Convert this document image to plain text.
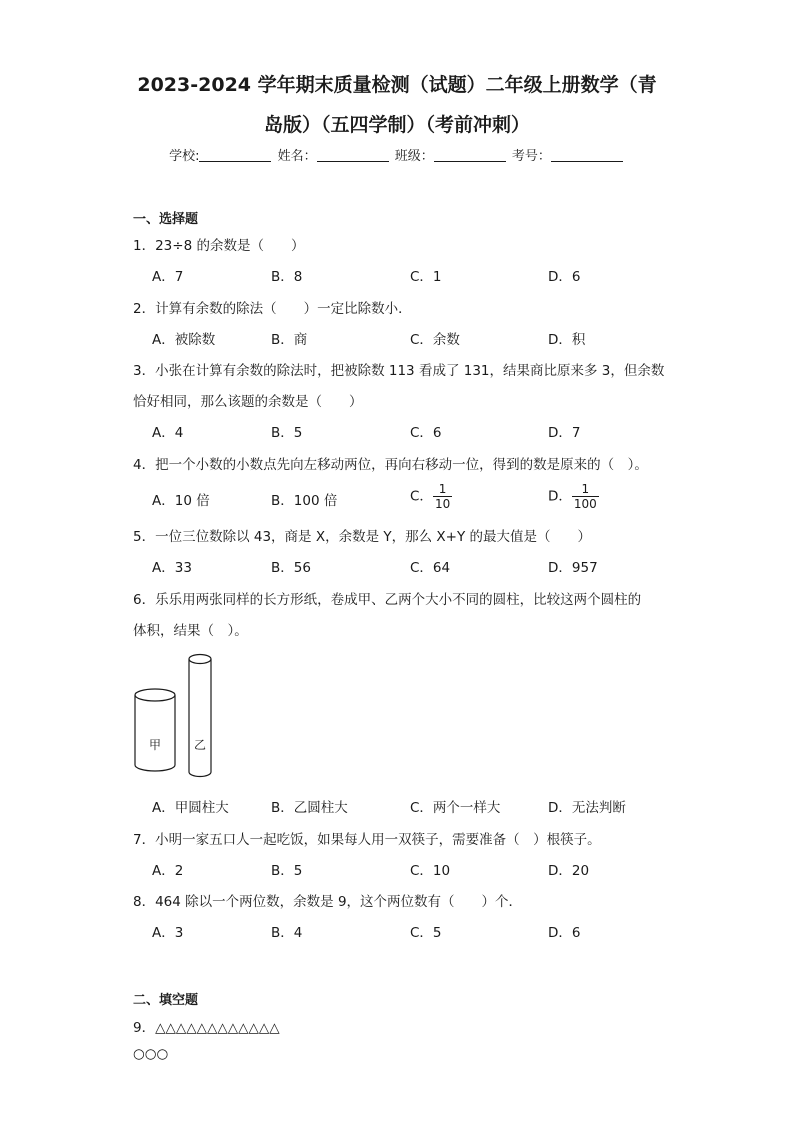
2023-2024 学年期末质量检测（试题）二年级上册数学（青
岛版）（五四学制）（考前冲刺）
学校:	姓名：	班级：	考号：
一、选择题
1．23÷8 的余数是（　　）
A．7	B．8	C．1	D．6
2．计算有余数的除法（　　）一定比除数小．
A．被除数	B．商	C．余数	D．积
3．小张在计算有余数的除法时，把被除数 113 看成了 131，结果商比原来多 3，但余数
恰好相同，那么该题的余数是（　　）
A．4	B．5	C．6	D．7
4．把一个小数的小数点先向左移动两位，再向右移动一位，得到的数是原来的（　）。
A．10 倍	B．100 倍	C． $\frac{1}{10}$	D． $\frac{1}{100}$
5．一位三位数除以 43，商是 X，余数是 Y，那么 X+Y 的最大值是（　　）
A．33	B．56	C．64	D．957
6．乐乐用两张同样的长方形纸，卷成甲、乙两个大小不同的圆柱，比较这两个圆柱的
体积，结果（　）。
甲	乙
A．甲圆柱大	B．乙圆柱大	C．两个一样大	D．无法判断
7．小明一家五口人一起吃饭，如果每人用一双筷子，需要准备（　）根筷子。
A．2	B．5	C．10	D．20
8．464 除以一个两位数，余数是 9，这个两位数有（　　）个．
A．3	B．4	C．5	D．6
二、填空题
9．△△△△△△△△△△△△
○○○
